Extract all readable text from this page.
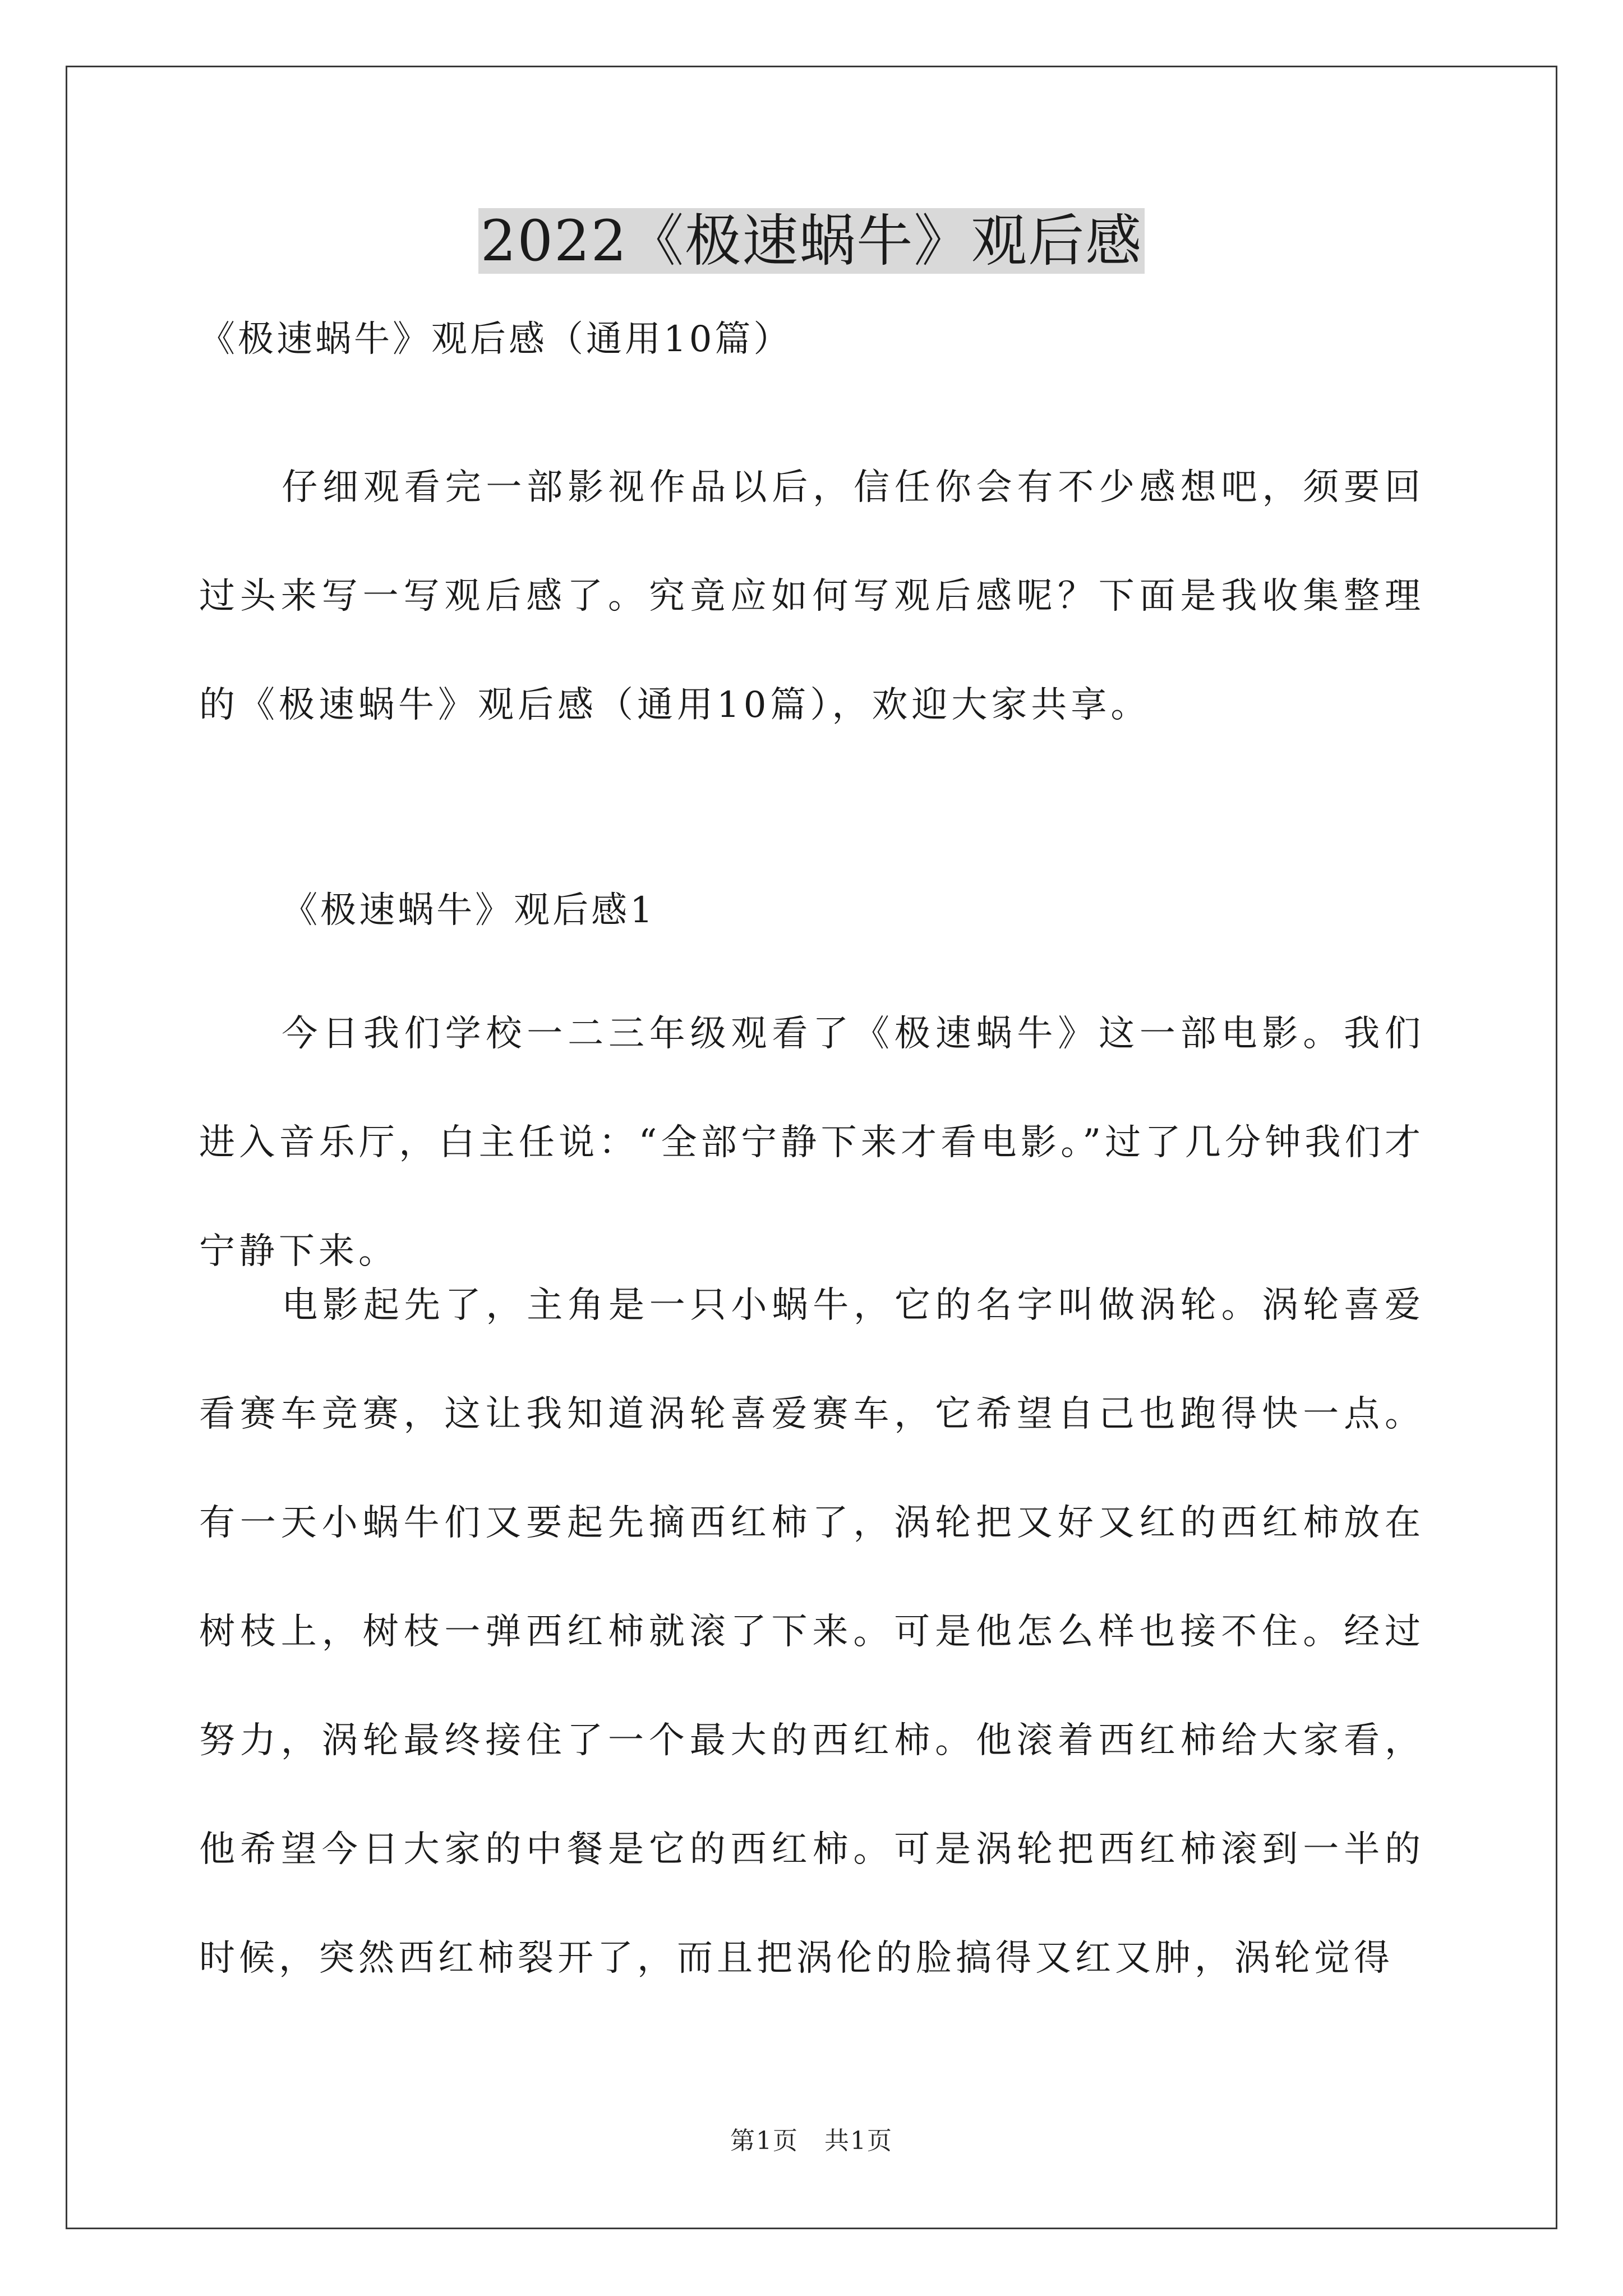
2022《极速蜗牛》观后感
《极速蜗牛》观后感（通用10篇）

仔细观看完一部影视作品以后，信任你会有不少感想吧，须要回过头来写一写观后感了。究竟应如何写观后感呢？下面是我收集整理的《极速蜗牛》观后感（通用10篇），欢迎大家共享。

《极速蜗牛》观后感1

今日我们学校一二三年级观看了《极速蜗牛》这一部电影。我们进入音乐厅，白主任说：“全部宁静下来才看电影。”过了几分钟我们才宁静下来。

电影起先了，主角是一只小蜗牛，它的名字叫做涡轮。涡轮喜爱看赛车竞赛，这让我知道涡轮喜爱赛车，它希望自己也跑得快一点。有一天小蜗牛们又要起先摘西红柿了，涡轮把又好又红的西红柿放在树枝上，树枝一弹西红柿就滚了下来。可是他怎么样也接不住。经过努力，涡轮最终接住了一个最大的西红柿。他滚着西红柿给大家看，他希望今日大家的中餐是它的西红柿。可是涡轮把西红柿滚到一半的时候，突然西红柿裂开了，而且把涡伦的脸搞得又红又肿，涡轮觉得

第1页　共1页
